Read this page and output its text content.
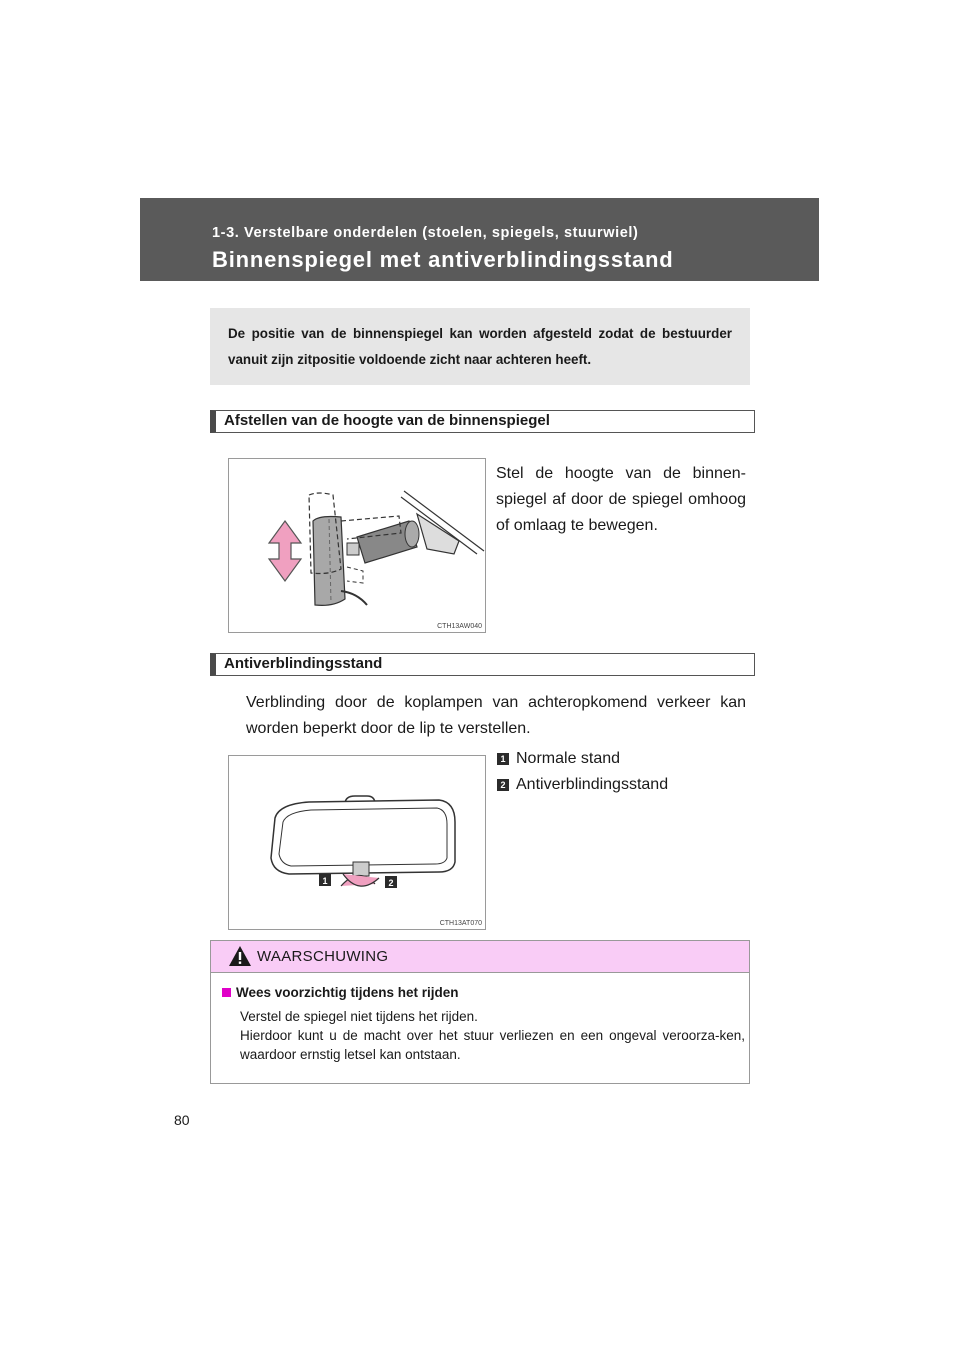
1-3. Verstelbare onderdelen (stoelen, spiegels, stuurwiel)
Binnenspiegel met antiverblindingsstand

De positie van de binnenspiegel kan worden afgesteld zodat de bestuurder vanuit zijn zitpositie voldoende zicht naar achteren heeft.

Afstellen van de hoogte van de binnenspiegel
CTH13AW040
Stel de hoogte van de binnen-spiegel af door de spiegel omhoog of omlaag te bewegen.
Antiverblindingsstand
Verblinding door de koplampen van achteropkomend verkeer kan worden beperkt door de lip te verstellen.
1 Normale stand
2 Antiverblindingsstand
1	2
CTH13AT070
WAARSCHUWING
Wees voorzichtig tijdens het rijden
Verstel de spiegel niet tijdens het rijden.
Hierdoor kunt u de macht over het stuur verliezen en een ongeval veroorza-ken, waardoor ernstig letsel kan ontstaan.
80
